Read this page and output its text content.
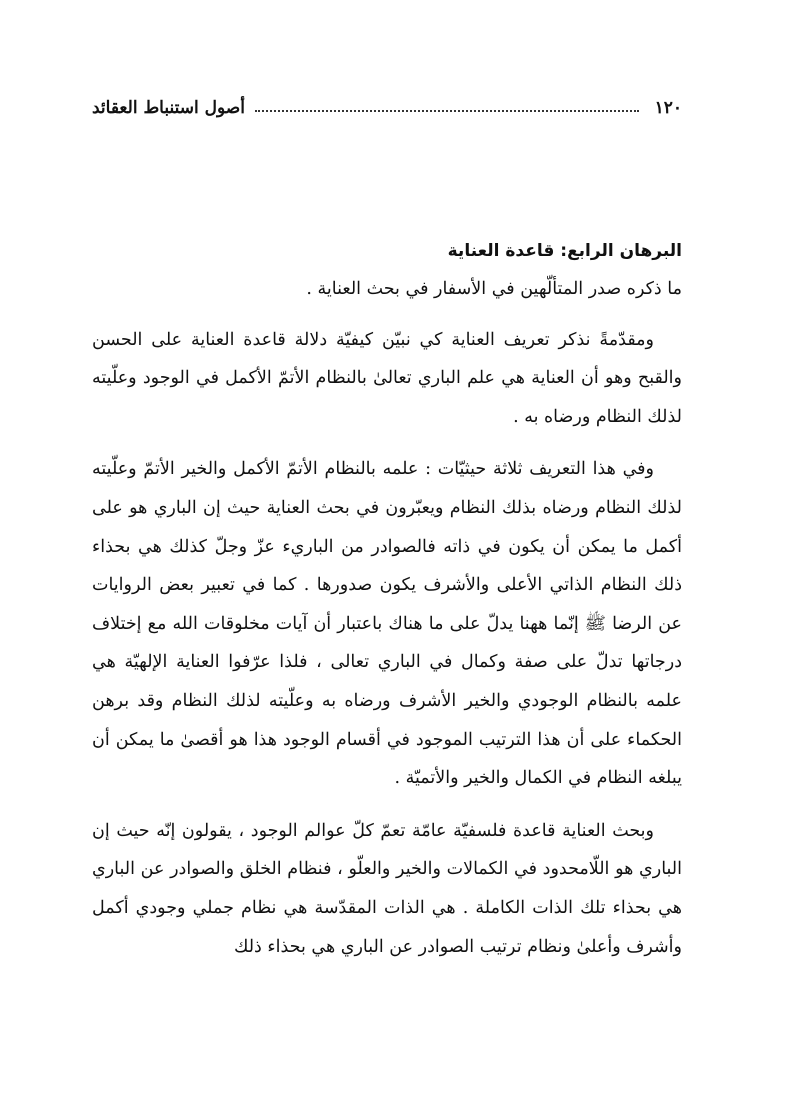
١٢٠
أصول استنباط العقائد
البرهان الرابع: قاعدة العناية

ما ذكره صدر المتألّهين في الأسفار في بحث العناية .

ومقدّمةً نذكر تعريف العناية كي نبيّن كيفيّة دلالة قاعدة العناية على الحسن والقبح وهو أن العناية هي علم الباري تعالىٰ بالنظام الأتمّ الأكمل في الوجود وعلّيته لذلك النظام ورضاه به .

وفي هذا التعريف ثلاثة حيثيّات : علمه بالنظام الأتمّ الأكمل والخير الأتمّ وعلّيته لذلك النظام ورضاه بذلك النظام ويعبّرون في بحث العناية حيث إن الباري هو على أكمل ما يمكن أن يكون في ذاته فالصوادر من الباريء عزّ وجلّ كذلك هي بحذاء ذلك النظام الذاتي الأعلى والأشرف يكون صدورها . كما في تعبير بعض الروايات عن الرضا ﷺ إنّما ههنا يدلّ على ما هناك باعتبار أن آيات مخلوقات الله مع إختلاف درجاتها تدلّ على صفة وكمال في الباري تعالى ، فلذا عرّفوا العناية الإلهيّة هي علمه بالنظام الوجودي والخير الأشرف ورضاه به وعلّيته لذلك النظام وقد برهن الحكماء على أن هذا الترتيب الموجود في أقسام الوجود هذا هو أقصىٰ ما يمكن أن يبلغه النظام في الكمال والخير والأتميّة .

وبحث العناية قاعدة فلسفيّة عامّة تعمّ كلّ عوالم الوجود ، يقولون إنّه حيث إن الباري هو اللّامحدود في الكمالات والخير والعلّو ، فنظام الخلق والصوادر عن الباري هي بحذاء تلك الذات الكاملة . هي الذات المقدّسة هي نظام جملي وجودي أكمل وأشرف وأعلىٰ ونظام ترتيب الصوادر عن الباري هي بحذاء ذلك
